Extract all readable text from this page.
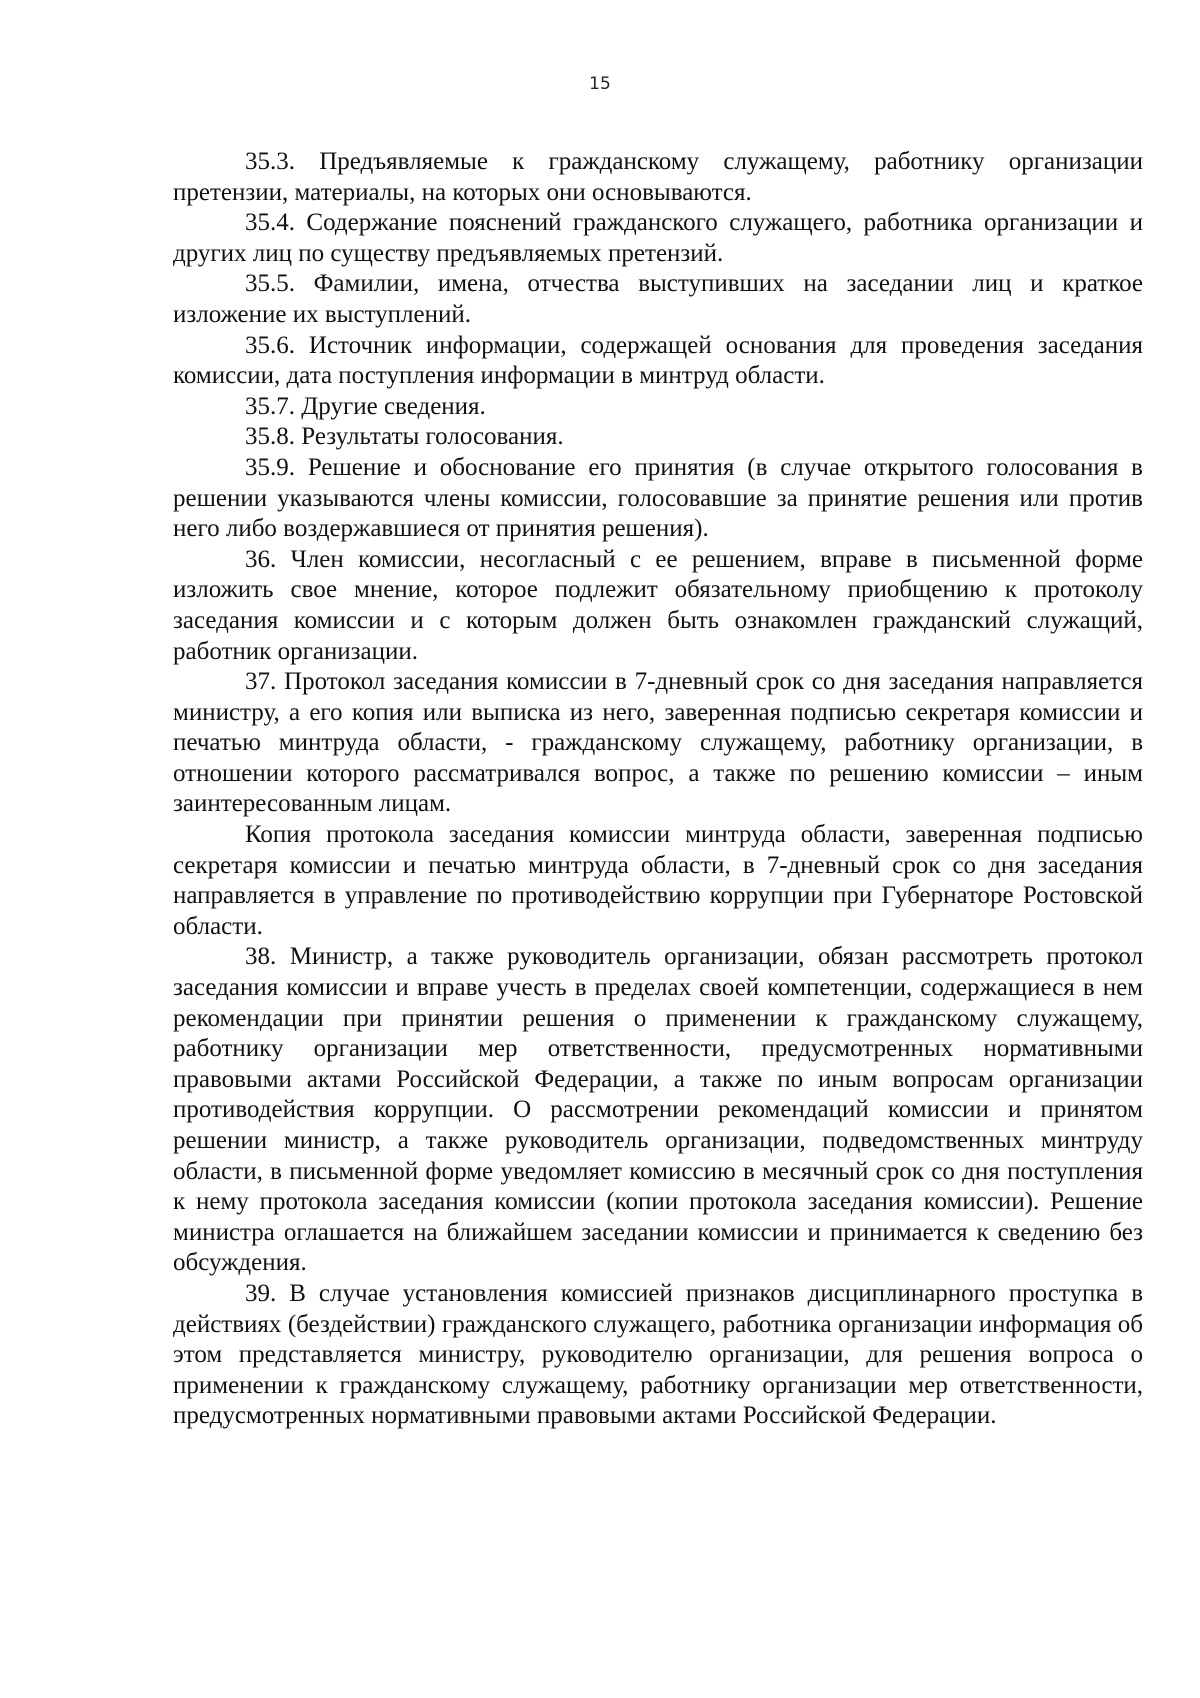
15

35.3. Предъявляемые к гражданскому служащему, работнику организации претензии, материалы, на которых они основываются.

35.4. Содержание пояснений гражданского служащего, работника организации и других лиц по существу предъявляемых претензий.

35.5. Фамилии, имена, отчества выступивших на заседании лиц и краткое изложение их выступлений.

35.6. Источник информации, содержащей основания для проведения заседания комиссии, дата поступления информации в минтруд области.

35.7. Другие сведения.

35.8. Результаты голосования.

35.9. Решение и обоснование его принятия (в случае открытого голосования в решении указываются члены комиссии, голосовавшие за принятие решения или против него либо воздержавшиеся от принятия решения).

36. Член комиссии, несогласный с ее решением, вправе в письменной форме изложить свое мнение, которое подлежит обязательному приобщению к протоколу заседания комиссии и с которым должен быть ознакомлен гражданский служащий, работник организации.

37. Протокол заседания комиссии в 7-дневный срок со дня заседания направляется министру, а его копия или выписка из него, заверенная подписью секретаря комиссии и печатью минтруда области, - гражданскому служащему, работнику организации, в отношении которого рассматривался вопрос, а также по решению комиссии – иным заинтересованным лицам.

Копия протокола заседания комиссии минтруда области, заверенная подписью секретаря комиссии и печатью минтруда области, в 7-дневный срок со дня заседания направляется в управление по противодействию коррупции при Губернаторе Ростовской области.

38. Министр, а также руководитель организации, обязан рассмотреть протокол заседания комиссии и вправе учесть в пределах своей компетенции, содержащиеся в нем рекомендации при принятии решения о применении к гражданскому служащему, работнику организации мер ответственности, предусмотренных нормативными правовыми актами Российской Федерации, а также по иным вопросам организации противодействия коррупции. О рассмотрении рекомендаций комиссии и принятом решении министр, а также руководитель организации, подведомственных минтруду области, в письменной форме уведомляет комиссию в месячный срок со дня поступления к нему протокола заседания комиссии (копии протокола заседания комиссии). Решение министра оглашается на ближайшем заседании комиссии и принимается к сведению без обсуждения.

39. В случае установления комиссией признаков дисциплинарного проступка в действиях (бездействии) гражданского служащего, работника организации информация об этом представляется министру, руководителю организации, для решения вопроса о применении к гражданскому служащему, работнику организации мер ответственности, предусмотренных нормативными правовыми актами Российской Федерации.
